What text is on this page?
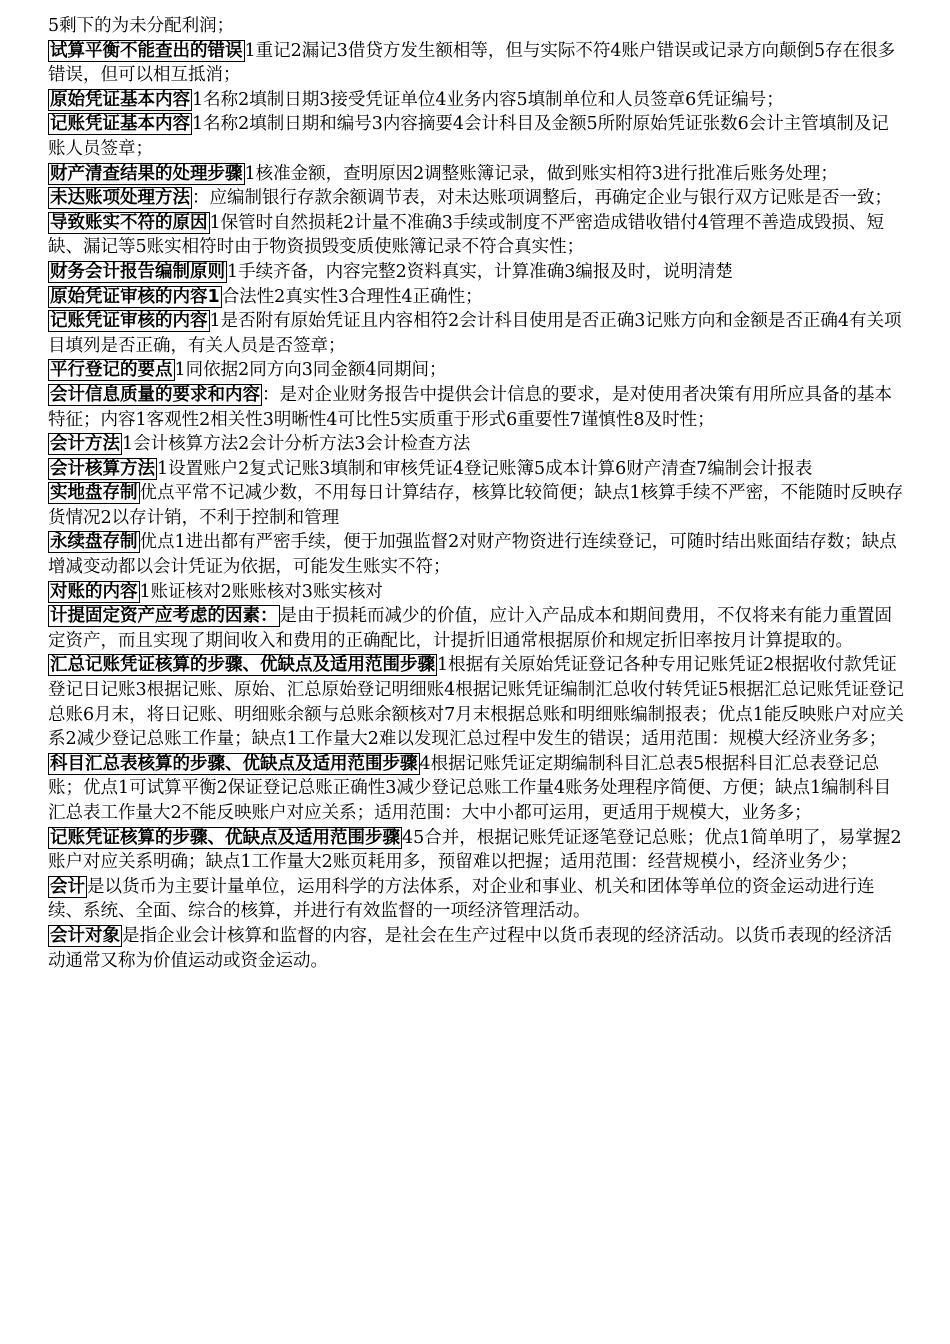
5剩下的为未分配利润；

试算平衡不能查出的错误 1重记2漏记3借贷方发生额相等，但与实际不符4账户错误或记录方向颠倒5存在很多错误，但可以相互抵消；

原始凭证基本内容 1名称2填制日期3接受凭证单位4业务内容5填制单位和人员签章6凭证编号；

记账凭证基本内容 1名称2填制日期和编号3内容摘要4会计科目及金额5所附原始凭证张数6会计主管填制及记账人员签章；

财产清查结果的处理步骤 1核准金额，查明原因2调整账簿记录，做到账实相符3进行批准后账务处理；

未达账项处理方法 ：应编制银行存款余额调节表，对未达账项调整后，再确定企业与银行双方记账是否一致；

导致账实不符的原因 1保管时自然损耗2计量不准确3手续或制度不严密造成错收错付4管理不善造成毁损、短缺、漏记等5账实相符时由于物资损毁变质使账簿记录不符合真实性；

财务会计报告编制原则 1手续齐备，内容完整2资料真实，计算准确3编报及时，说明清楚

原始凭证审核的内容1 合法性2真实性3合理性4正确性；

记账凭证审核的内容 1是否附有原始凭证且内容相符2会计科目使用是否正确3记账方向和金额是否正确4有关项目填列是否正确，有关人员是否签章；

平行登记的要点 1同依据2同方向3同金额4同期间；

会计信息质量的要求和内容 ：是对企业财务报告中提供会计信息的要求，是对使用者决策有用所应具备的基本特征；内容1客观性2相关性3明晰性4可比性5实质重于形式6重要性7谨慎性8及时性；

会计方法 1会计核算方法2会计分析方法3会计检查方法

会计核算方法 1设置账户2复式记账3填制和审核凭证4登记账簿5成本计算6财产清查7编制会计报表

实地盘存制 优点平常不记减少数，不用每日计算结存，核算比较简便；缺点1核算手续不严密，不能随时反映存货情况2以存计销，不利于控制和管理

永续盘存制 优点1进出都有严密手续，便于加强监督2对财产物资进行连续登记，可随时结出账面结存数；缺点增减变动都以会计凭证为依据，可能发生账实不符；

对账的内容 1账证核对2账账核对3账实核对

计提固定资产应考虑的因素： 是由于损耗而减少的价值，应计入产品成本和期间费用，不仅将来有能力重置固定资产，而且实现了期间收入和费用的正确配比，计提折旧通常根据原价和规定折旧率按月计算提取的。

汇总记账凭证核算的步骤、优缺点及适用范围步骤 1根据有关原始凭证登记各种专用记账凭证2根据收付款凭证登记日记账3根据记账、原始、汇总原始登记明细账4根据记账凭证编制汇总收付转凭证5根据汇总记账凭证登记总账6月末，将日记账、明细账余额与总账余额核对7月末根据总账和明细账编制报表；优点1能反映账户对应关系2减少登记总账工作量；缺点1工作量大2难以发现汇总过程中发生的错误；适用范围：规模大经济业务多；

科目汇总表核算的步骤、优缺点及适用范围步骤 4根据记账凭证定期编制科目汇总表5根据科目汇总表登记总账；优点1可试算平衡2保证登记总账正确性3减少登记总账工作量4账务处理程序简便、方便；缺点1编制科目汇总表工作量大2不能反映账户对应关系；适用范围：大中小都可运用，更适用于规模大，业务多；

记账凭证核算的步骤、优缺点及适用范围步骤 45合并，根据记账凭证逐笔登记总账；优点1简单明了，易掌握2账户对应关系明确；缺点1工作量大2账页耗用多，预留难以把握；适用范围：经营规模小，经济业务少；

会计 是以货币为主要计量单位，运用科学的方法体系，对企业和事业、机关和团体等单位的资金运动进行连续、系统、全面、综合的核算，并进行有效监督的一项经济管理活动。

会计对象 是指企业会计核算和监督的内容，是社会在生产过程中以货币表现的经济活动。以货币表现的经济活动通常又称为价值运动或资金运动。
